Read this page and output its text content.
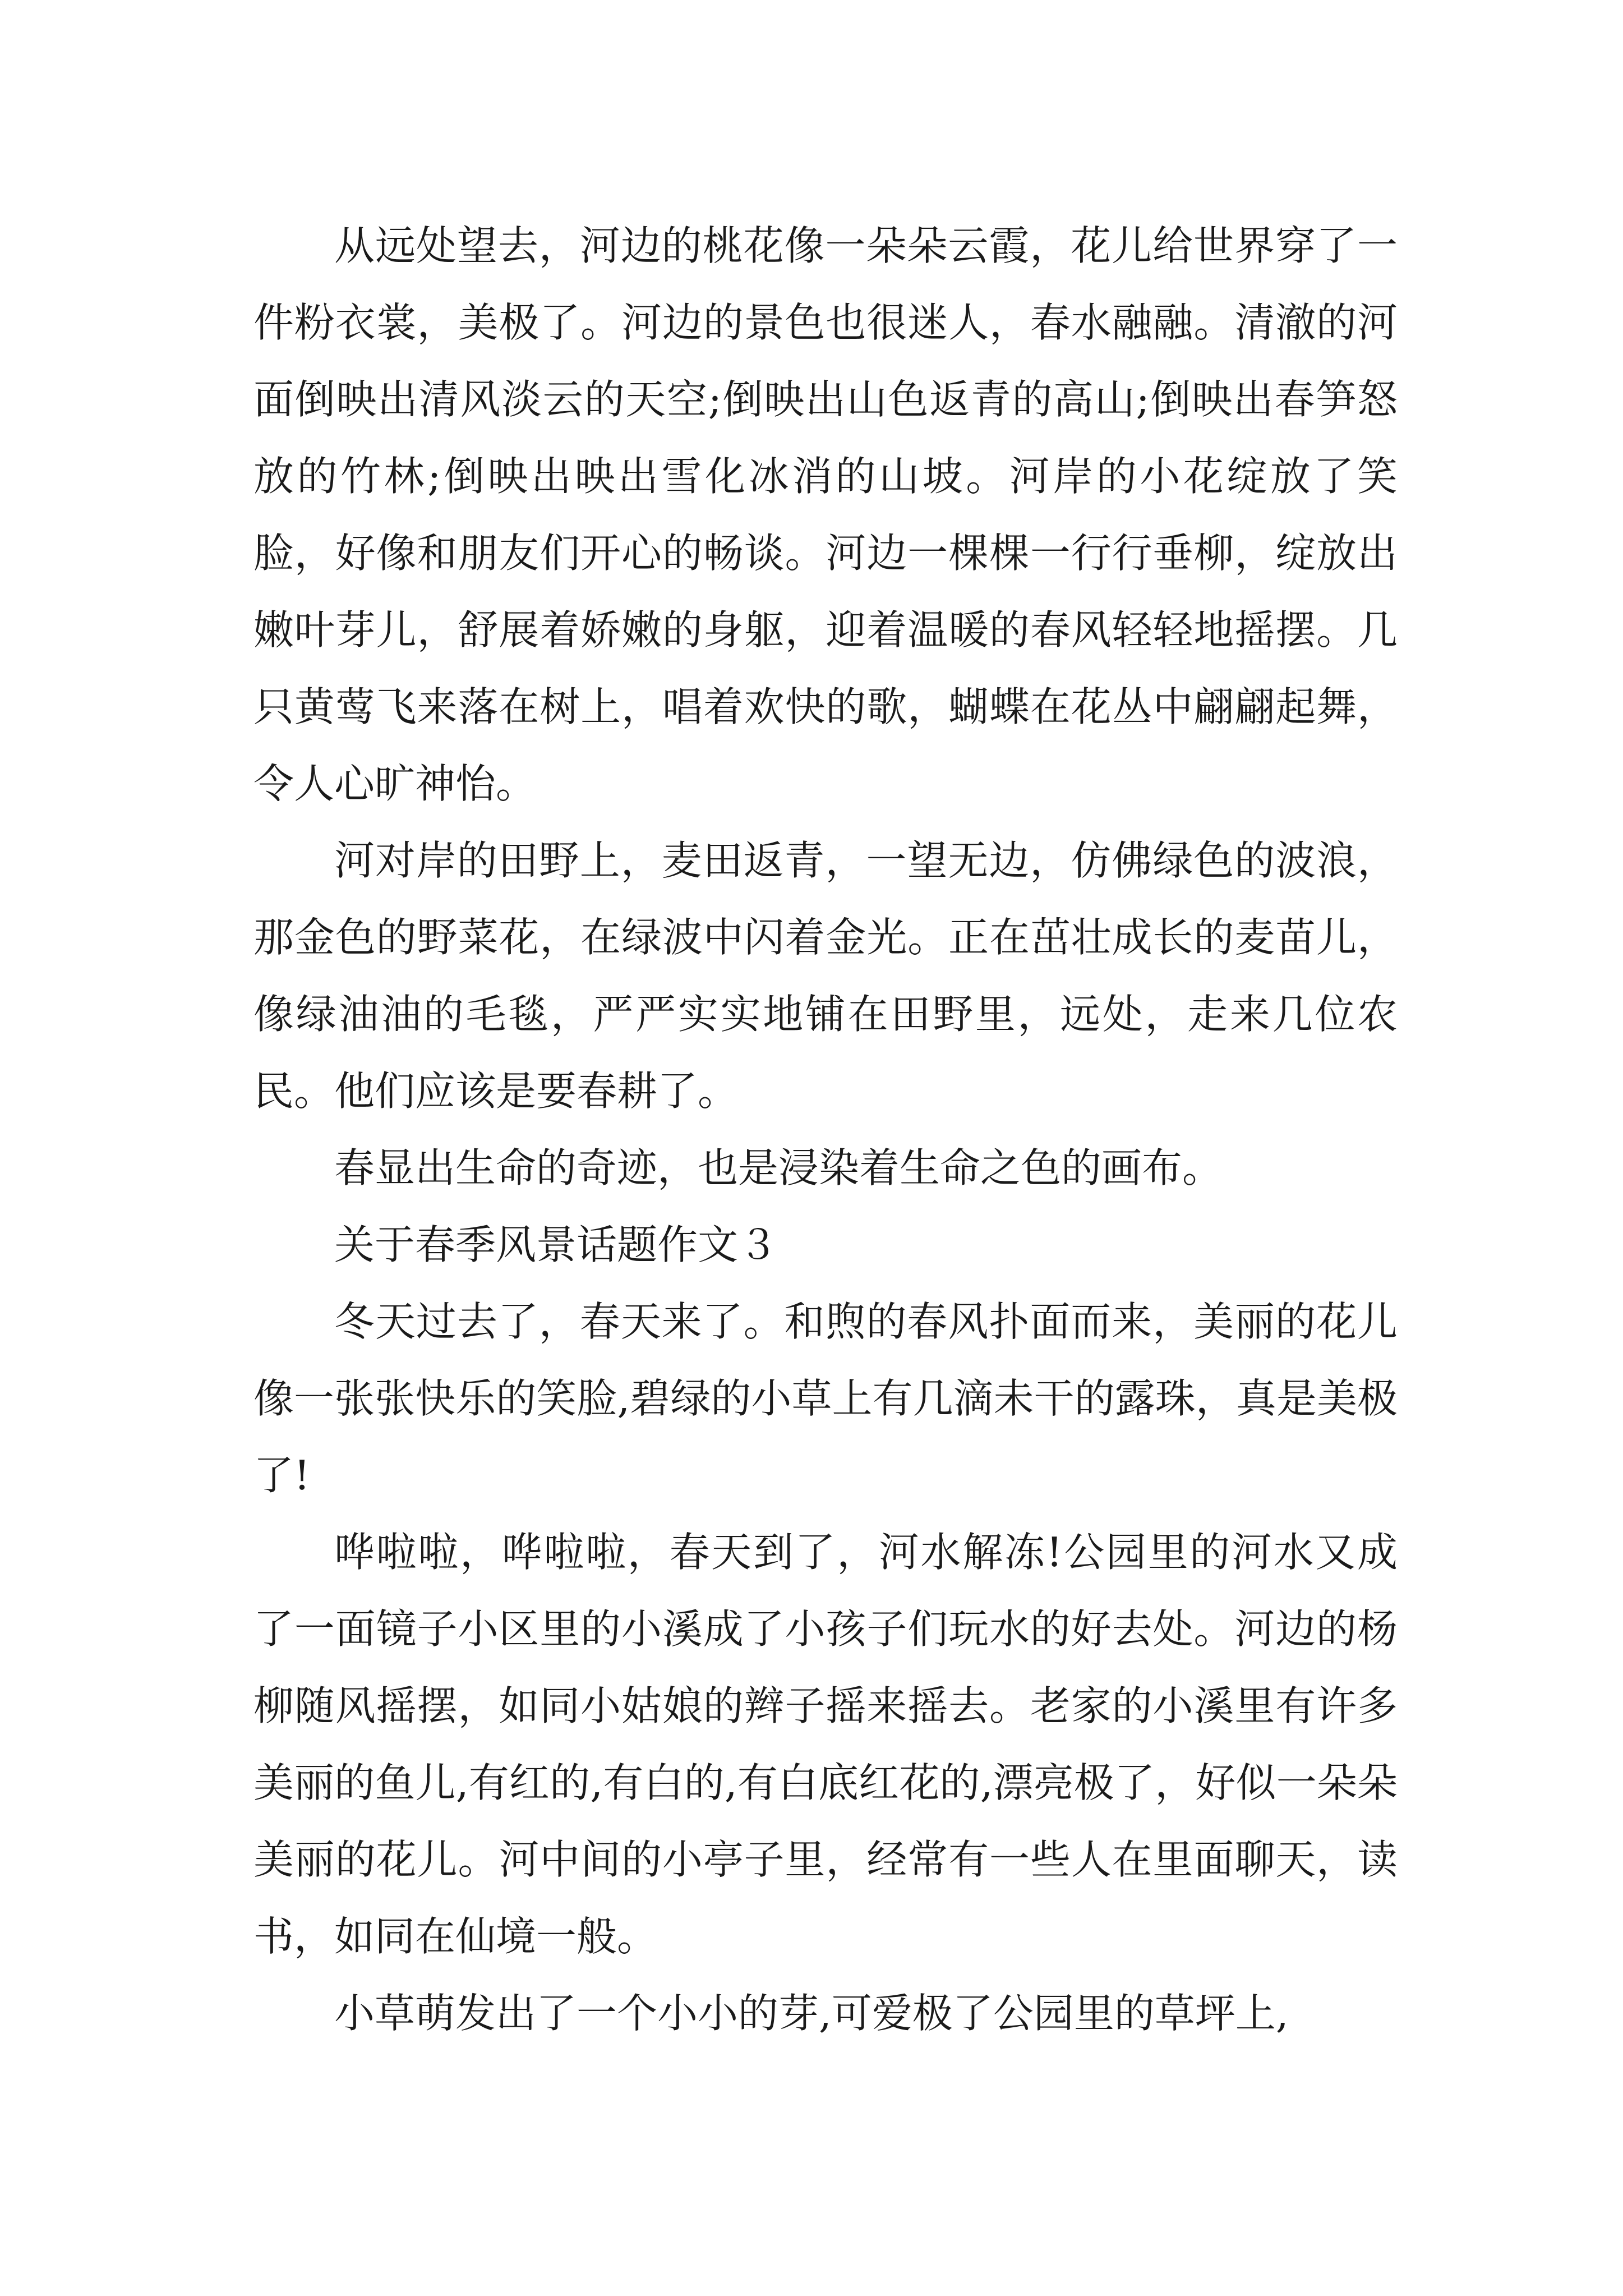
从远处望去，河边的桃花像一朵朵云霞，花儿给世界穿了一件粉衣裳，美极了。河边的景色也很迷人，春水融融。清澈的河面倒映出清风淡云的天空;倒映出山色返青的高山;倒映出春笋怒放的竹林;倒映出映出雪化冰消的山坡。河岸的小花绽放了笑脸，好像和朋友们开心的畅谈。河边一棵棵一行行垂柳，绽放出嫩叶芽儿，舒展着娇嫩的身躯，迎着温暖的春风轻轻地摇摆。几只黄莺飞来落在树上，唱着欢快的歌，蝴蝶在花丛中翩翩起舞，令人心旷神怡。

河对岸的田野上，麦田返青，一望无边，仿佛绿色的波浪，那金色的野菜花，在绿波中闪着金光。正在茁壮成长的麦苗儿，像绿油油的毛毯，严严实实地铺在田野里，远处，走来几位农民。他们应该是要春耕了。

春显出生命的奇迹，也是浸染着生命之色的画布。

关于春季风景话题作文３

冬天过去了，春天来了。和煦的春风扑面而来，美丽的花儿像一张张快乐的笑脸,碧绿的小草上有几滴未干的露珠，真是美极了!

哗啦啦，哗啦啦，春天到了，河水解冻!公园里的河水又成了一面镜子小区里的小溪成了小孩子们玩水的好去处。河边的杨柳随风摇摆，如同小姑娘的辫子摇来摇去。老家的小溪里有许多美丽的鱼儿,有红的,有白的,有白底红花的,漂亮极了，好似一朵朵美丽的花儿。河中间的小亭子里，经常有一些人在里面聊天，读书，如同在仙境一般。

小草萌发出了一个小小的芽,可爱极了公园里的草坪上,
